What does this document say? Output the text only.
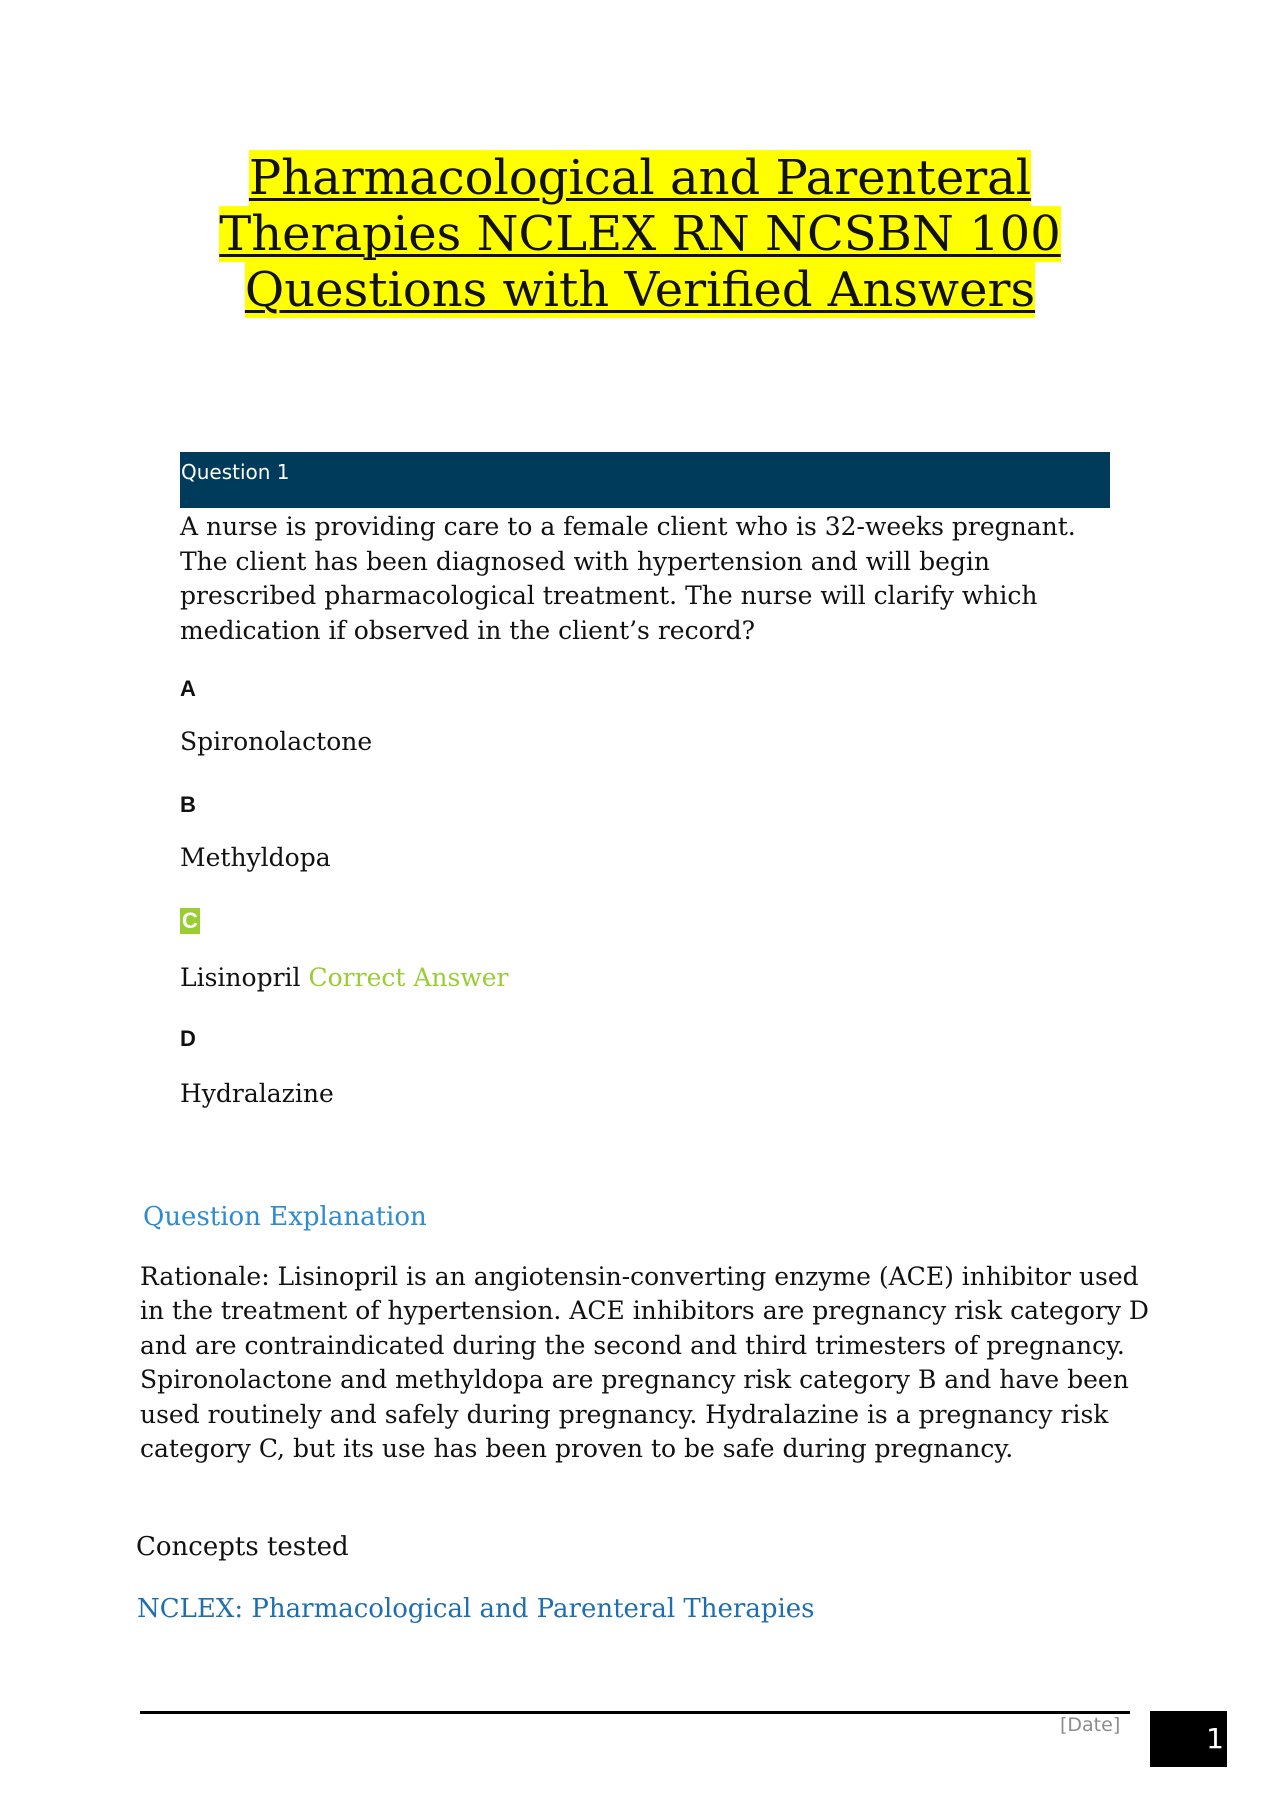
Pharmacological and Parenteral
Therapies NCLEX RN NCSBN 100
Questions with Verified Answers
Question 1
A nurse is providing care to a female client who is 32-weeks pregnant. The client has been diagnosed with hypertension and will begin prescribed pharmacological treatment. The nurse will clarify which medication if observed in the client’s record?
A
Spironolactone
B
Methyldopa
C
Lisinopril Correct Answer
D
Hydralazine
Question Explanation
Rationale: Lisinopril is an angiotensin-converting enzyme (ACE) inhibitor used in the treatment of hypertension. ACE inhibitors are pregnancy risk category D and are contraindicated during the second and third trimesters of pregnancy. Spironolactone and methyldopa are pregnancy risk category B and have been used routinely and safely during pregnancy. Hydralazine is a pregnancy risk category C, but its use has been proven to be safe during pregnancy.
Concepts tested
NCLEX: Pharmacological and Parenteral Therapies
[Date]	1
